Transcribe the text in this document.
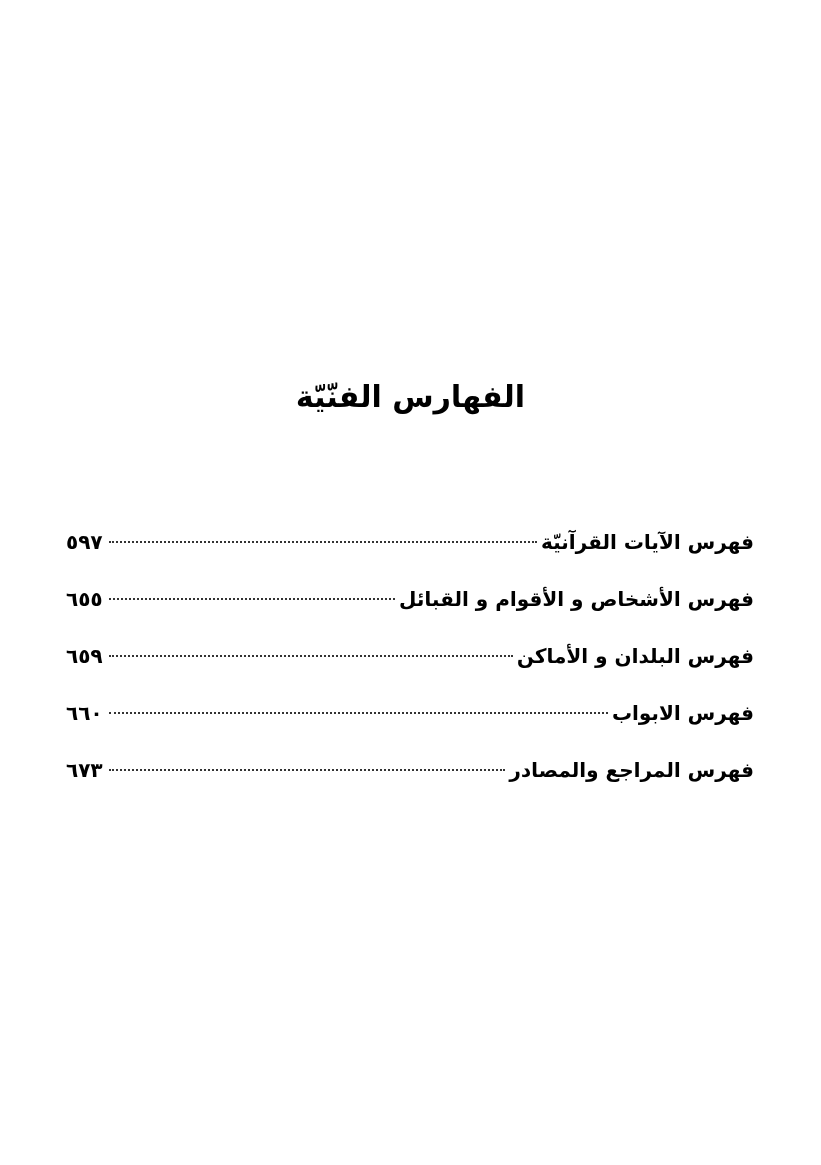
الفهارس الفنّيّة
فهرس الآيات القرآنيّة
٥٩٧
فهرس الأشخاص و الأقوام و القبائل
٦٥٥
فهرس البلدان و الأماكن
٦٥٩
فهرس الابواب
٦٦٠
فهرس المراجع والمصادر
٦٧٣
